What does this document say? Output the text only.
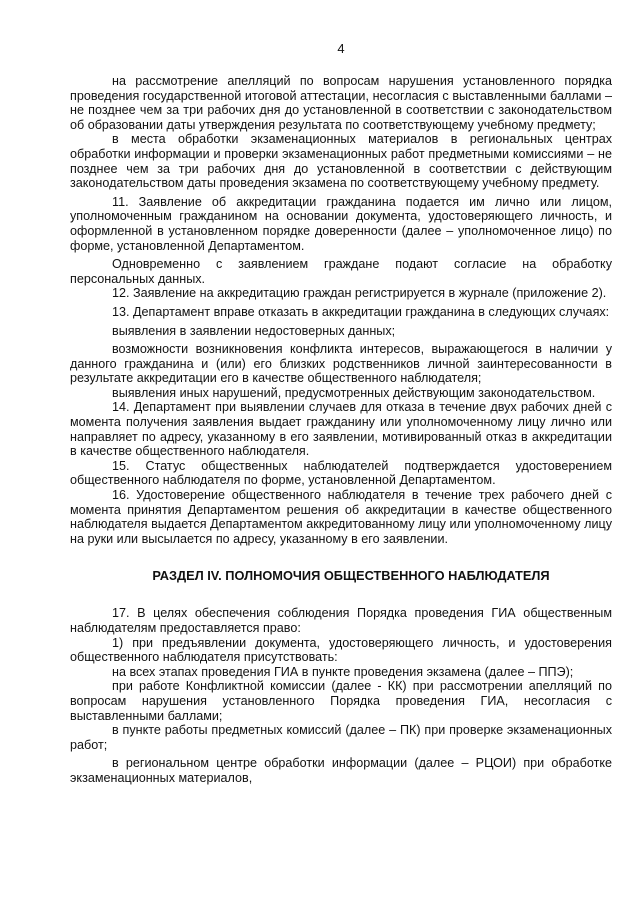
4

на рассмотрение апелляций по вопросам нарушения установленного порядка проведения государственной итоговой аттестации, несогласия с выставленными баллами – не позднее чем за три рабочих дня до установленной в соответствии с законодательством об образовании даты утверждения результата по соответствующему учебному предмету;

в места обработки экзаменационных материалов в региональных центрах обработки информации и проверки экзаменационных работ предметными комиссиями – не позднее чем за три рабочих дня до установленной в соответствии с действующим законодательством даты проведения экзамена по соответствующему учебному предмету.

11. Заявление об аккредитации гражданина подается им лично или лицом, уполномоченным гражданином на основании документа, удостоверяющего личность, и оформленной в установленном порядке доверенности (далее – уполномоченное лицо) по форме, установленной Департаментом.

Одновременно с заявлением граждане подают согласие на обработку персональных данных.

12. Заявление на аккредитацию граждан регистрируется в журнале (приложение 2).

13. Департамент вправе отказать в аккредитации гражданина в следующих случаях:

выявления в заявлении недостоверных данных;

возможности возникновения конфликта интересов, выражающегося в наличии у данного гражданина и (или) его близких родственников личной заинтересованности в результате аккредитации его в качестве общественного наблюдателя;

выявления иных нарушений, предусмотренных действующим законодательством.

14. Департамент при выявлении случаев для отказа в течение двух рабочих дней с момента получения заявления выдает гражданину или уполномоченному лицу лично или направляет по адресу, указанному в его заявлении, мотивированный отказ в аккредитации в качестве общественного наблюдателя.

15. Статус общественных наблюдателей подтверждается удостоверением общественного наблюдателя по форме, установленной Департаментом.

16. Удостоверение общественного наблюдателя в течение трех рабочего дней с момента принятия Департаментом решения об аккредитации в качестве общественного наблюдателя выдается Департаментом аккредитованному лицу или уполномоченному лицу на руки или высылается по адресу, указанному в его заявлении.

РАЗДЕЛ IV. ПОЛНОМОЧИЯ ОБЩЕСТВЕННОГО НАБЛЮДАТЕЛЯ

17. В целях обеспечения соблюдения Порядка проведения ГИА общественным наблюдателям предоставляется право:

1) при предъявлении документа, удостоверяющего личность, и удостоверения общественного наблюдателя присутствовать:

на всех этапах проведения ГИА в пункте проведения экзамена (далее – ППЭ);

при работе Конфликтной комиссии (далее - КК) при рассмотрении апелляций по вопросам нарушения установленного Порядка проведения ГИА, несогласия с выставленными баллами;

в пункте работы предметных комиссий (далее – ПК) при проверке экзаменационных работ;

в региональном центре обработки информации (далее – РЦОИ) при обработке экзаменационных материалов,
